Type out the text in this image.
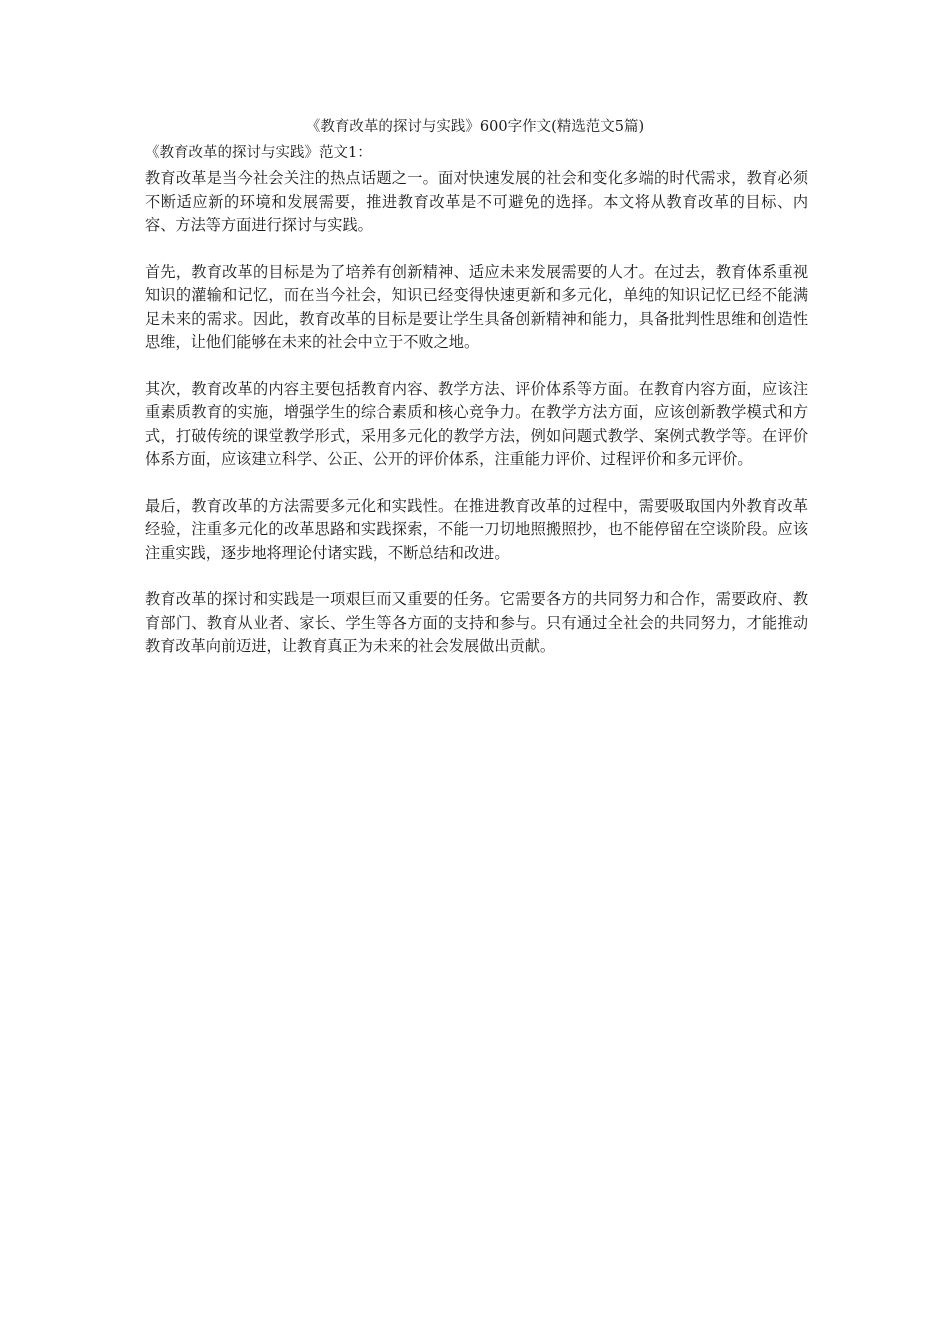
《教育改革的探讨与实践》600字作文(精选范文5篇)
《教育改革的探讨与实践》范文1：

教育改革是当今社会关注的热点话题之一。面对快速发展的社会和变化多端的时代需求，教育必须不断适应新的环境和发展需要，推进教育改革是不可避免的选择。本文将从教育改革的目标、内容、方法等方面进行探讨与实践。

首先，教育改革的目标是为了培养有创新精神、适应未来发展需要的人才。在过去，教育体系重视知识的灌输和记忆，而在当今社会，知识已经变得快速更新和多元化，单纯的知识记忆已经不能满足未来的需求。因此，教育改革的目标是要让学生具备创新精神和能力，具备批判性思维和创造性思维，让他们能够在未来的社会中立于不败之地。

其次，教育改革的内容主要包括教育内容、教学方法、评价体系等方面。在教育内容方面，应该注重素质教育的实施，增强学生的综合素质和核心竞争力。在教学方法方面，应该创新教学模式和方式，打破传统的课堂教学形式，采用多元化的教学方法，例如问题式教学、案例式教学等。在评价体系方面，应该建立科学、公正、公开的评价体系，注重能力评价、过程评价和多元评价。

最后，教育改革的方法需要多元化和实践性。在推进教育改革的过程中，需要吸取国内外教育改革经验，注重多元化的改革思路和实践探索，不能一刀切地照搬照抄，也不能停留在空谈阶段。应该注重实践，逐步地将理论付诸实践，不断总结和改进。

教育改革的探讨和实践是一项艰巨而又重要的任务。它需要各方的共同努力和合作，需要政府、教育部门、教育从业者、家长、学生等各方面的支持和参与。只有通过全社会的共同努力，才能推动教育改革向前迈进，让教育真正为未来的社会发展做出贡献。
